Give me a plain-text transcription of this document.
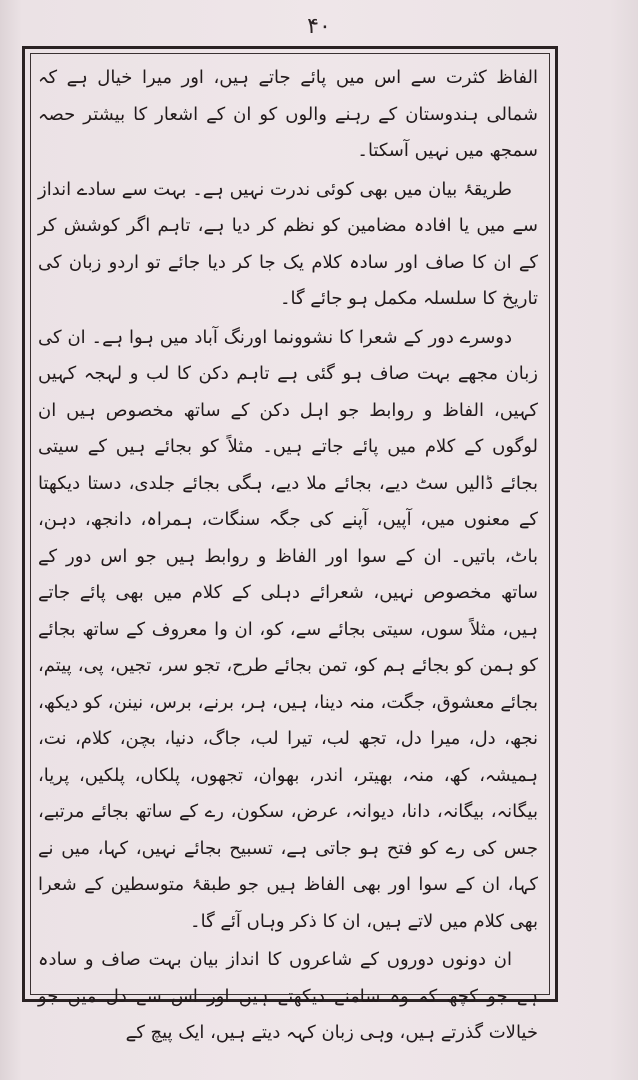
۴۰

الفاظ کثرت سے اس میں پائے جاتے ہیں، اور میرا خیال ہے کہ شمالی ہندوستان کے رہنے والوں کو ان کے اشعار کا بیشتر حصہ سمجھ میں نہیں آسکتا۔

طریقۂ بیان میں بھی کوئی ندرت نہیں ہے۔ بہت سے سادے انداز سے میں یا افادہ مضامین کو نظم کر دیا ہے، تاہم اگر کوشش کر کے ان کا صاف اور سادہ کلام یک جا کر دیا جائے تو اردو زبان کی تاریخ کا سلسلہ مکمل ہو جائے گا۔

دوسرے دور کے شعرا کا نشوونما اورنگ آباد میں ہوا ہے۔ ان کی زبان مجھے بہت صاف ہو گئی ہے تاہم دکن کا لب و لہجہ کہیں کہیں، الفاظ و روابط جو اہل دکن کے ساتھ مخصوص ہیں ان لوگوں کے کلام میں پائے جاتے ہیں۔ مثلاً کو بجائے ہیں کے سیتی بجائے ڈالیں سٹ دیے، بجائے ملا دیے، ہگی بجائے جلدی، دستا دیکھتا کے معنوں میں، آپیں، آپنے کی جگہ سنگات، ہمراہ، دانجھ، دہن، باٹ، باتیں۔ ان کے سوا اور الفاظ و روابط ہیں جو اس دور کے ساتھ مخصوص نہیں، شعرائے دہلی کے کلام میں بھی پائے جاتے ہیں، مثلاً سوں، سیتی بجائے سے، کو، ان وا معروف کے ساتھ بجائے کو ہمن کو بجائے ہم کو، تمن بجائے طرح، تجو سر، تجیں، پی، پیتم، بجائے معشوق، جگت، منہ دینا، ہیں، ہر، برنے، برس، نینن، کو دیکھ، نجھ، دل، میرا دل، تجھ لب، تیرا لب، جاگ، دنیا، بچن، کلام، نت، ہمیشہ، کھ، منہ، بھیتر، اندر، بھوان، تجھوں، پلکاں، پلکیں، پریا، بیگانہ، بیگانہ، دانا، دیوانہ، عرض، سکون، رے کے ساتھ بجائے مرتبے، جس کی رے کو فتح ہو جاتی ہے، تسبیح بجائے نہیں، کہا، میں نے کہا، ان کے سوا اور بھی الفاظ ہیں جو طبقۂ متوسطین کے شعرا بھی کلام میں لاتے ہیں، ان کا ذکر وہاں آئے گا۔

ان دونوں دوروں کے شاعروں کا انداز بیان بہت صاف و سادہ ہے جو کچھ کہ وہ سامنے دیکھتے ہیں اور اس سے دل میں جو خیالات گذرتے ہیں، وہی زبان کہہ دیتے ہیں، ایک پیچ کے
